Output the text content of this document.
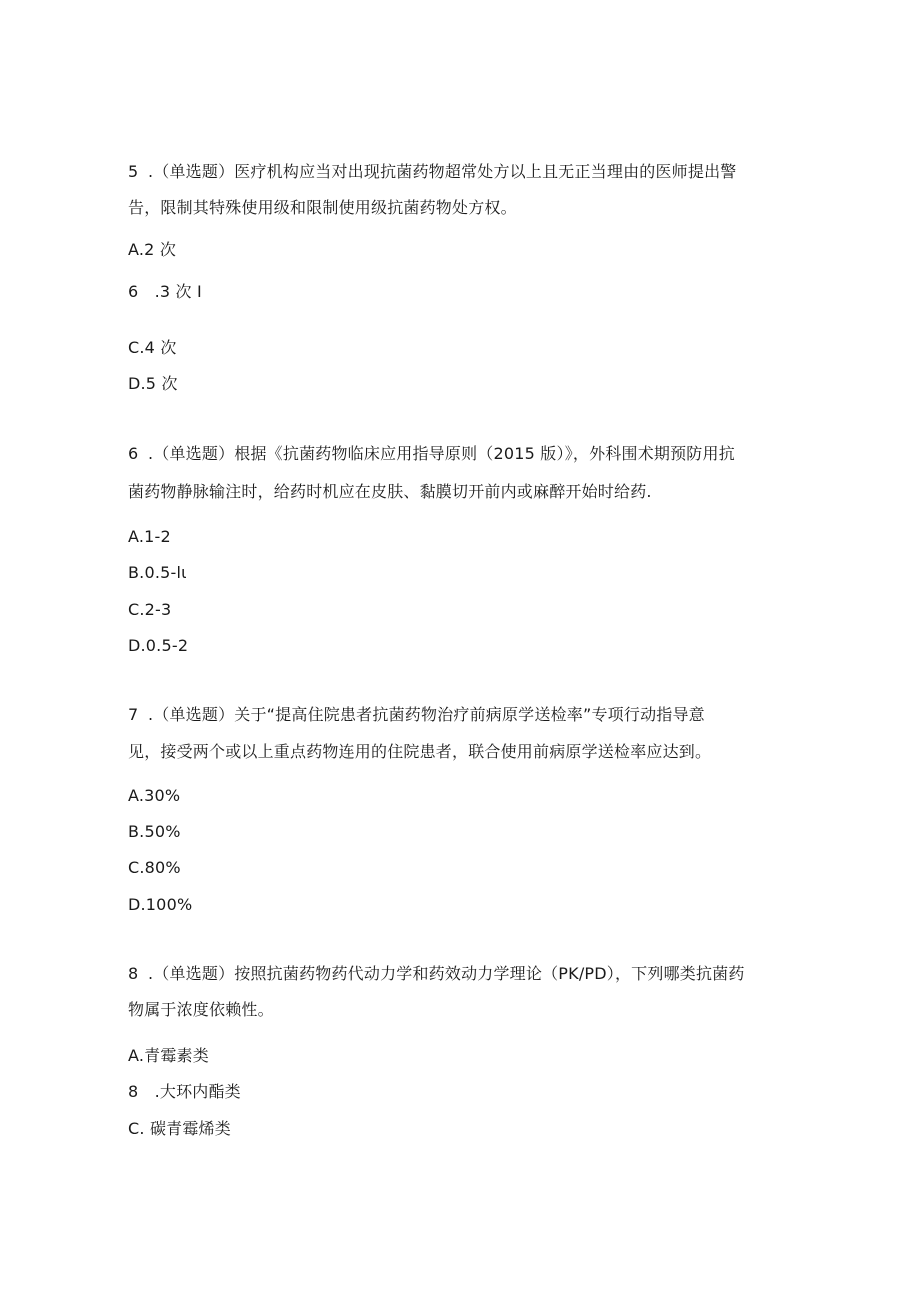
5 .（单选题）医疗机构应当对出现抗菌药物超常处方以上且无正当理由的医师提出警
告，限制其特殊使用级和限制使用级抗菌药物处方权。
A.2 次
6　.3 次 I
C.4 次
D.5 次
6 .（单选题）根据《抗菌药物临床应用指导原则（2015 版）》，外科围术期预防用抗
菌药物静脉输注时，给药时机应在皮肤、黏膜切开前内或麻醉开始时给药.
A.1-2
B.0.5-lι
C.2-3
D.0.5-2
7 .（单选题）关于“提高住院患者抗菌药物治疗前病原学送检率”专项行动指导意
见，接受两个或以上重点药物连用的住院患者，联合使用前病原学送检率应达到。
A.30%
B.50%
C.80%
D.100%
8 .（单选题）按照抗菌药物药代动力学和药效动力学理论（PK/PD），下列哪类抗菌药
物属于浓度依赖性。
A.青霉素类
8　.大环内酯类
C. 碳青霉烯类
